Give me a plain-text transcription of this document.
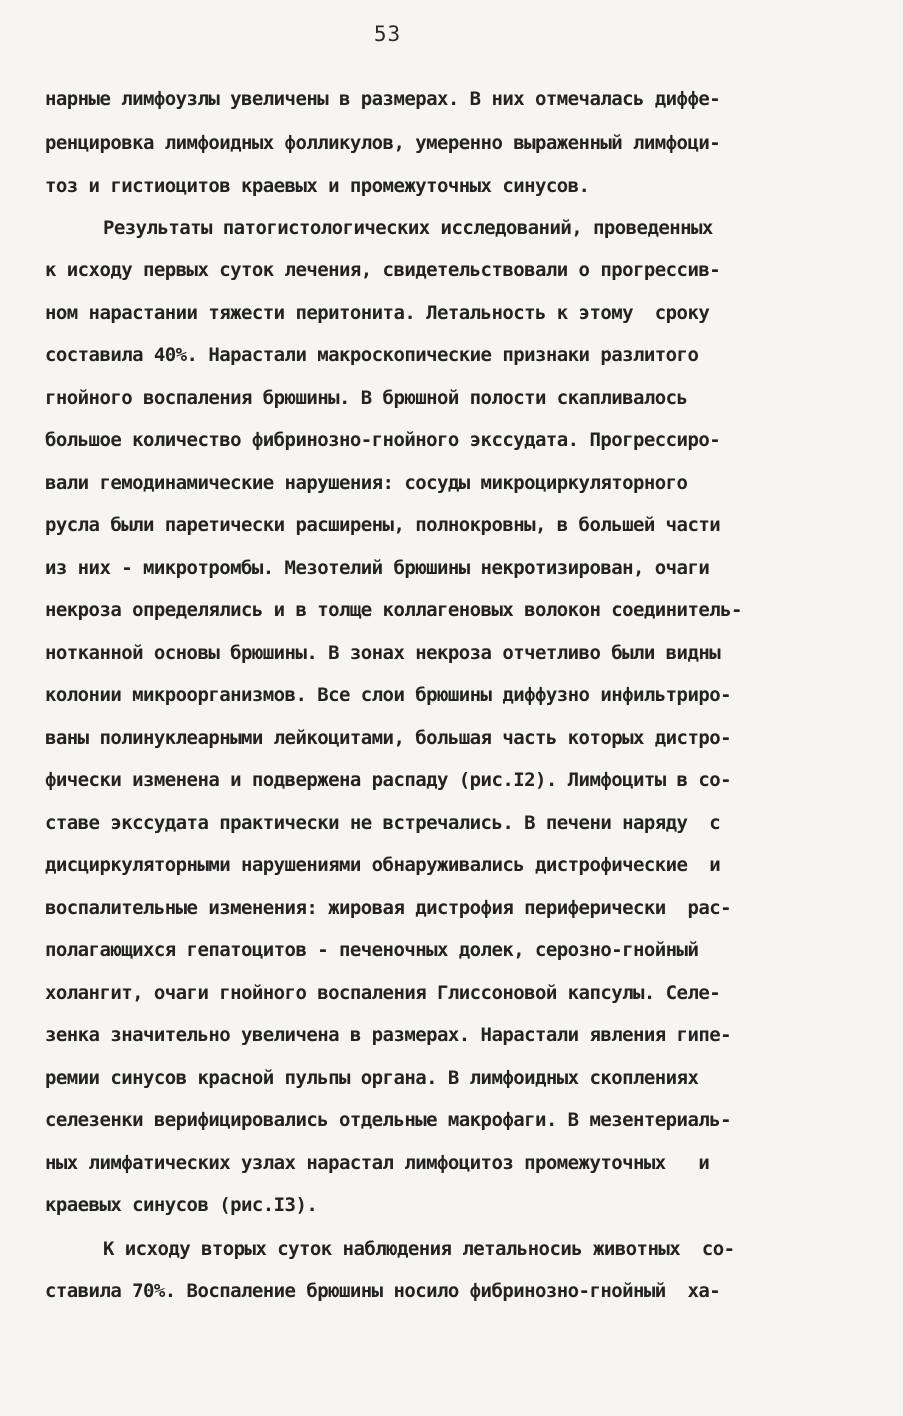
53
нарные лимфоузлы увеличены в размерах. В них отмечалась диффе-
ренцировка лимфоидных фолликулов, умеренно выраженный лимфоци-
тоз и гистиоцитов краевых и промежуточных синусов.
Результаты патогистологических исследований, проведенных
к исходу первых суток лечения, свидетельствовали о прогрессив-
ном нарастании тяжести перитонита. Летальность к этому  сроку
составила 40%. Нарастали макроскопические признаки разлитого
гнойного воспаления брюшины. В брюшной полости скапливалось
большое количество фибринозно-гнойного экссудата. Прогрессиро-
вали гемодинамические нарушения: сосуды микроциркуляторного
русла были паретически расширены, полнокровны, в большей части
из них - микротромбы. Мезотелий брюшины некротизирован, очаги
некроза определялись и в толще коллагеновых волокон соединитель-
нотканной основы брюшины. В зонах некроза отчетливо были видны
колонии микроорганизмов. Все слои брюшины диффузно инфильтриро-
ваны полинуклеарными лейкоцитами, большая часть которых дистро-
фически изменена и подвержена распаду (рис.I2). Лимфоциты в со-
ставе экссудата практически не встречались. В печени наряду  с
дисциркуляторными нарушениями обнаруживались дистрофические  и
воспалительные изменения: жировая дистрофия периферически  рас-
полагающихся гепатоцитов - печеночных долек, серозно-гнойный
холангит, очаги гнойного воспаления Глиссоновой капсулы. Селе-
зенка значительно увеличена в размерах. Нарастали явления гипе-
ремии синусов красной пульпы органа. В лимфоидных скоплениях
селезенки верифицировались отдельные макрофаги. В мезентериаль-
ных лимфатических узлах нарастал лимфоцитоз промежуточных   и
краевых синусов (рис.I3).
К исходу вторых суток наблюдения летальносиь животных  со-
ставила 70%. Воспаление брюшины носило фибринозно-гнойный  ха-
